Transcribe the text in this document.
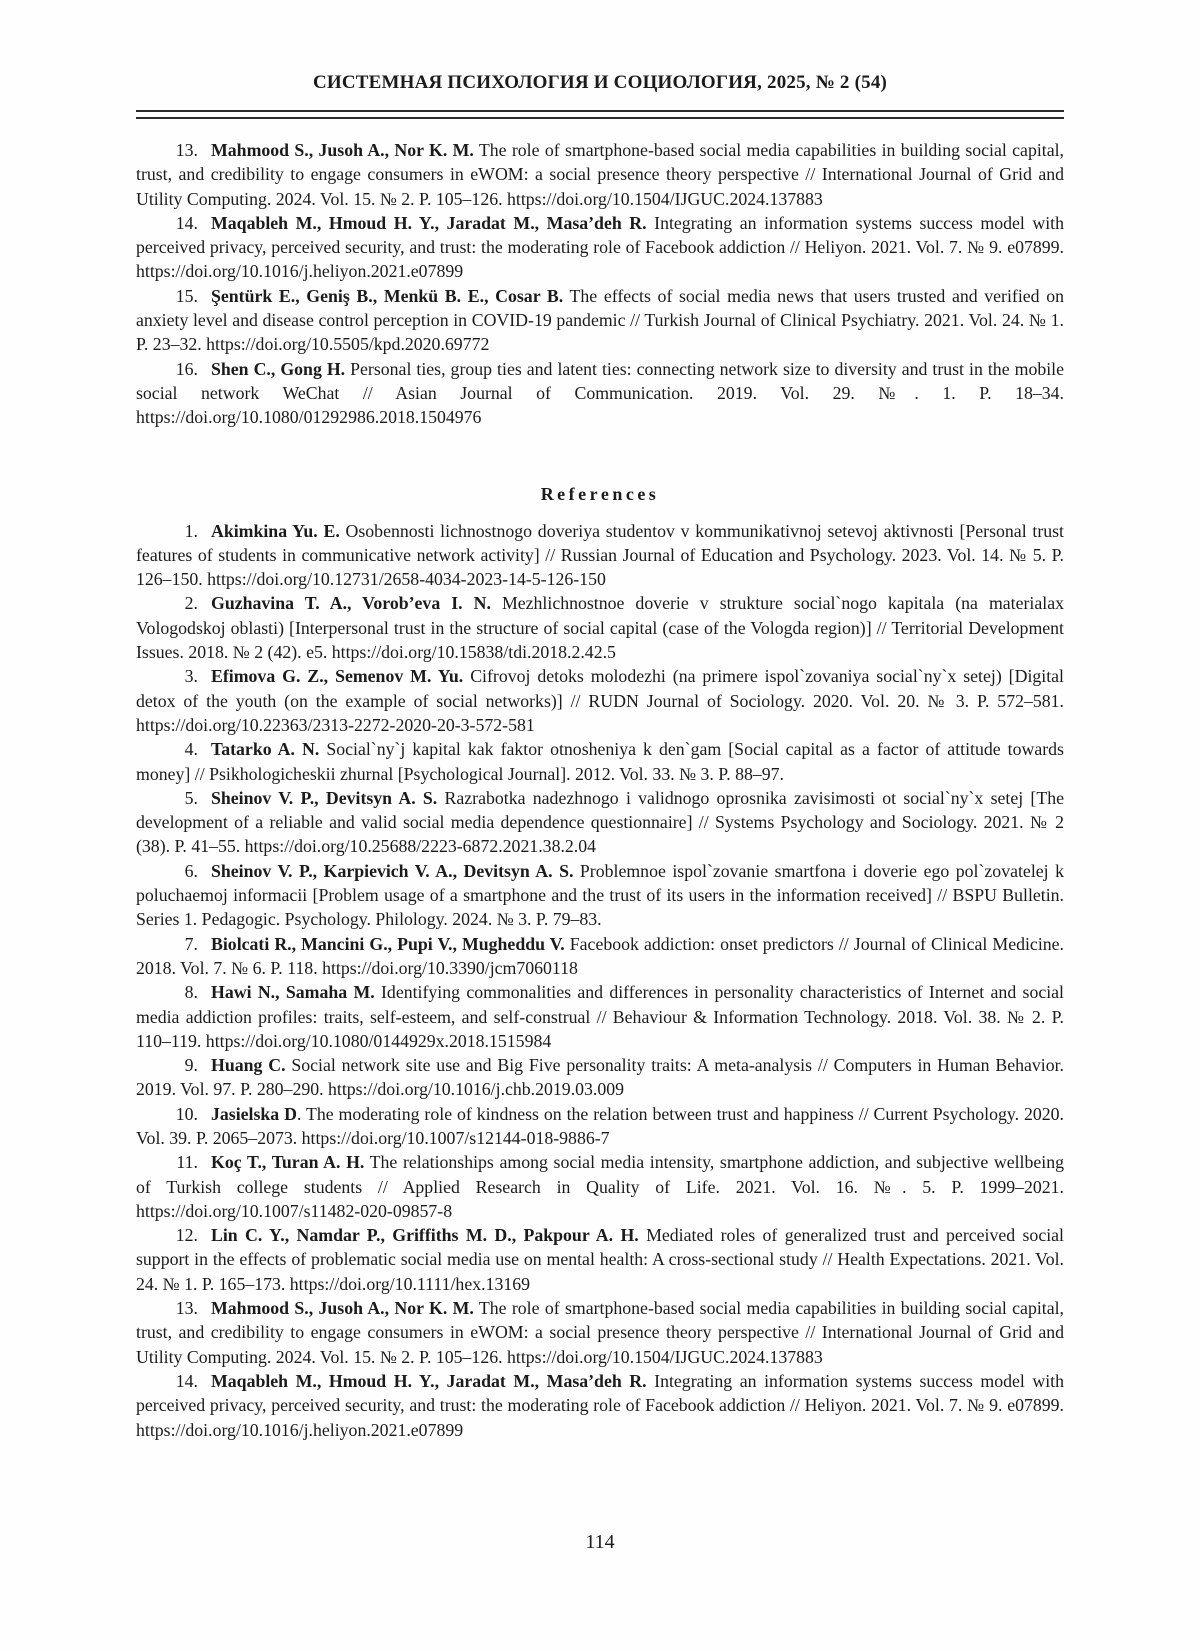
СИСТЕМНАЯ ПСИХОЛОГИЯ И СОЦИОЛОГИЯ, 2025, № 2 (54)

13. Mahmood S., Jusoh A., Nor K. M. The role of smartphone-based social media capabilities in building social capital, trust, and credibility to engage consumers in eWOM: a social presence theory perspective // International Journal of Grid and Utility Computing. 2024. Vol. 15. № 2. P. 105–126. https://doi.org/10.1504/IJGUC.2024.137883

14. Maqableh M., Hmoud H. Y., Jaradat M., Masa’deh R. Integrating an information systems success model with perceived privacy, perceived security, and trust: the moderating role of Facebook addiction // Heliyon. 2021. Vol. 7. № 9. e07899. https://doi.org/10.1016/j.heliyon.2021.e07899

15. Şentürk E., Geniş B., Menkü B. E., Cosar B. The effects of social media news that users trusted and verified on anxiety level and disease control perception in COVID-19 pandemic // Turkish Journal of Clinical Psychiatry. 2021. Vol. 24. № 1. P. 23–32. https://doi.org/10.5505/kpd.2020.69772

16. Shen C., Gong H. Personal ties, group ties and latent ties: connecting network size to diversity and trust in the mobile social network WeChat // Asian Journal of Communication. 2019. Vol. 29. №. 1. P. 18–34. https://doi.org/10.1080/01292986.2018.1504976

References

1. Akimkina Yu. E. Osobennosti lichnostnogo doveriya studentov v kommunikativnoj setevoj aktivnosti [Personal trust features of students in communicative network activity] // Russian Journal of Education and Psychology. 2023. Vol. 14. № 5. P. 126–150. https://doi.org/10.12731/2658-4034-2023-14-5-126-150

2. Guzhavina T. A., Vorob’eva I. N. Mezhlichnostnoe doverie v strukture social`nogo kapitala (na materialax Vologodskoj oblasti) [Interpersonal trust in the structure of social capital (case of the Vologda region)] // Territorial Development Issues. 2018. № 2 (42). e5. https://doi.org/10.15838/tdi.2018.2.42.5

3. Efimova G. Z., Semenov M. Yu. Cifrovoj detoks molodezhi (na primere ispol`zovaniya social`ny`x setej) [Digital detox of the youth (on the example of social networks)] // RUDN Journal of Sociology. 2020. Vol. 20. № 3. P. 572–581. https://doi.org/10.22363/2313-2272-2020-20-3-572-581

4. Tatarko A. N. Social`ny`j kapital kak faktor otnosheniya k den`gam [Social capital as a factor of attitude towards money] // Psikhologicheskii zhurnal [Psychological Journal]. 2012. Vol. 33. № 3. P. 88–97.

5. Sheinov V. P., Devitsyn A. S. Razrabotka nadezhnogo i validnogo oprosnika zavisimosti ot social`ny`x setej [The development of a reliable and valid social media dependence questionnaire] // Systems Psychology and Sociology. 2021. № 2 (38). P. 41–55. https://doi.org/10.25688/2223-6872.2021.38.2.04

6. Sheinov V. P., Karpievich V. A., Devitsyn A. S. Problemnoe ispol`zovanie smartfona i doverie ego pol`zovatelej k poluchaemoj informacii [Problem usage of a smartphone and the trust of its users in the information received] // BSPU Bulletin. Series 1. Pedagogic. Psychology. Philology. 2024. № 3. P. 79–83.

7. Biolcati R., Mancini G., Pupi V., Mugheddu V. Facebook addiction: onset predictors // Journal of Clinical Medicine. 2018. Vol. 7. № 6. P. 118. https://doi.org/10.3390/jcm7060118

8. Hawi N., Samaha M. Identifying commonalities and differences in personality characteristics of Internet and social media addiction profiles: traits, self-esteem, and self-construal // Behaviour & Information Technology. 2018. Vol. 38. № 2. P. 110–119. https://doi.org/10.1080/0144929x.2018.1515984

9. Huang C. Social network site use and Big Five personality traits: A meta-analysis // Computers in Human Behavior. 2019. Vol. 97. P. 280–290. https://doi.org/10.1016/j.chb.2019.03.009

10. Jasielska D. The moderating role of kindness on the relation between trust and happiness // Current Psychology. 2020. Vol. 39. P. 2065–2073. https://doi.org/10.1007/s12144-018-9886-7

11. Koç T., Turan A. H. The relationships among social media intensity, smartphone addiction, and subjective wellbeing of Turkish college students // Applied Research in Quality of Life. 2021. Vol. 16. №. 5. P. 1999–2021. https://doi.org/10.1007/s11482-020-09857-8

12. Lin C. Y., Namdar P., Griffiths M. D., Pakpour A. H. Mediated roles of generalized trust and perceived social support in the effects of problematic social media use on mental health: A cross-sectional study // Health Expectations. 2021. Vol. 24. № 1. P. 165–173. https://doi.org/10.1111/hex.13169

13. Mahmood S., Jusoh A., Nor K. M. The role of smartphone-based social media capabilities in building social capital, trust, and credibility to engage consumers in eWOM: a social presence theory perspective // International Journal of Grid and Utility Computing. 2024. Vol. 15. № 2. P. 105–126. https://doi.org/10.1504/IJGUC.2024.137883

14. Maqableh M., Hmoud H. Y., Jaradat M., Masa’deh R. Integrating an information systems success model with perceived privacy, perceived security, and trust: the moderating role of Facebook addiction // Heliyon. 2021. Vol. 7. № 9. e07899. https://doi.org/10.1016/j.heliyon.2021.e07899

114
